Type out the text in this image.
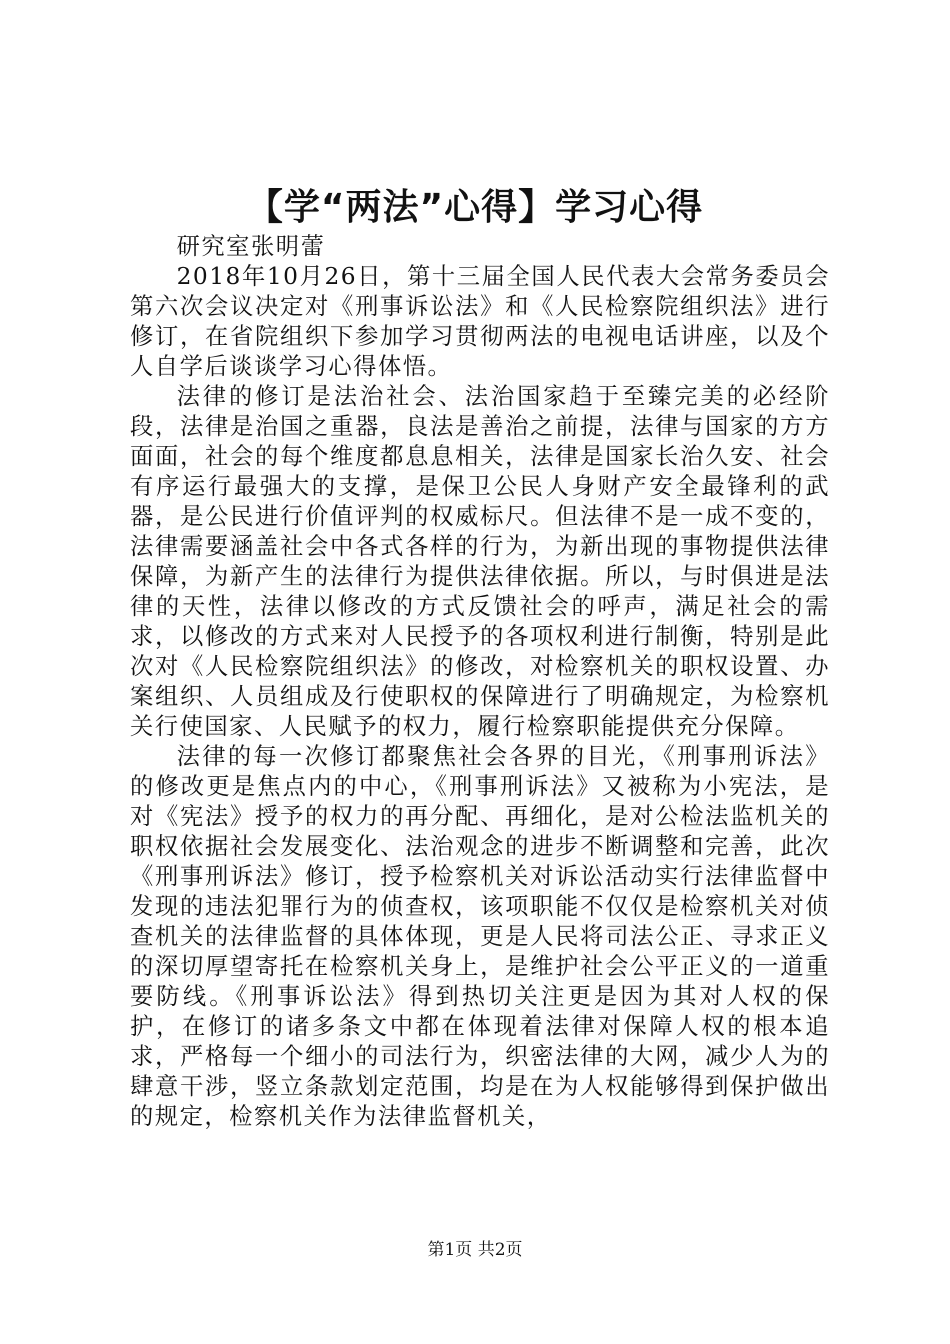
【学“两法”心得】学习心得

研究室张明蕾

2018年10月26日，第十三届全国人民代表大会常务委员会第六次会议决定对《刑事诉讼法》和《人民检察院组织法》进行修订，在省院组织下参加学习贯彻两法的电视电话讲座，以及个人自学后谈谈学习心得体悟。

法律的修订是法治社会、法治国家趋于至臻完美的必经阶段，法律是治国之重器，良法是善治之前提，法律与国家的方方面面，社会的每个维度都息息相关，法律是国家长治久安、社会有序运行最强大的支撑，是保卫公民人身财产安全最锋利的武器，是公民进行价值评判的权威标尺。但法律不是一成不变的，法律需要涵盖社会中各式各样的行为，为新出现的事物提供法律保障，为新产生的法律行为提供法律依据。所以，与时俱进是法律的天性，法律以修改的方式反馈社会的呼声，满足社会的需求，以修改的方式来对人民授予的各项权利进行制衡，特别是此次对《人民检察院组织法》的修改，对检察机关的职权设置、办案组织、人员组成及行使职权的保障进行了明确规定，为检察机关行使国家、人民赋予的权力，履行检察职能提供充分保障。

法律的每一次修订都聚焦社会各界的目光，《刑事刑诉法》的修改更是焦点内的中心，《刑事刑诉法》又被称为小宪法，是对《宪法》授予的权力的再分配、再细化，是对公检法监机关的职权依据社会发展变化、法治观念的进步不断调整和完善，此次《刑事刑诉法》修订，授予检察机关对诉讼活动实行法律监督中发现的违法犯罪行为的侦查权，该项职能不仅仅是检察机关对侦查机关的法律监督的具体体现，更是人民将司法公正、寻求正义的深切厚望寄托在检察机关身上，是维护社会公平正义的一道重要防线。《刑事诉讼法》得到热切关注更是因为其对人权的保护，在修订的诸多条文中都在体现着法律对保障人权的根本追求，严格每一个细小的司法行为，织密法律的大网，减少人为的肆意干涉，竖立条款划定范围，均是在为人权能够得到保护做出的规定，检察机关作为法律监督机关，

第1页 共2页
